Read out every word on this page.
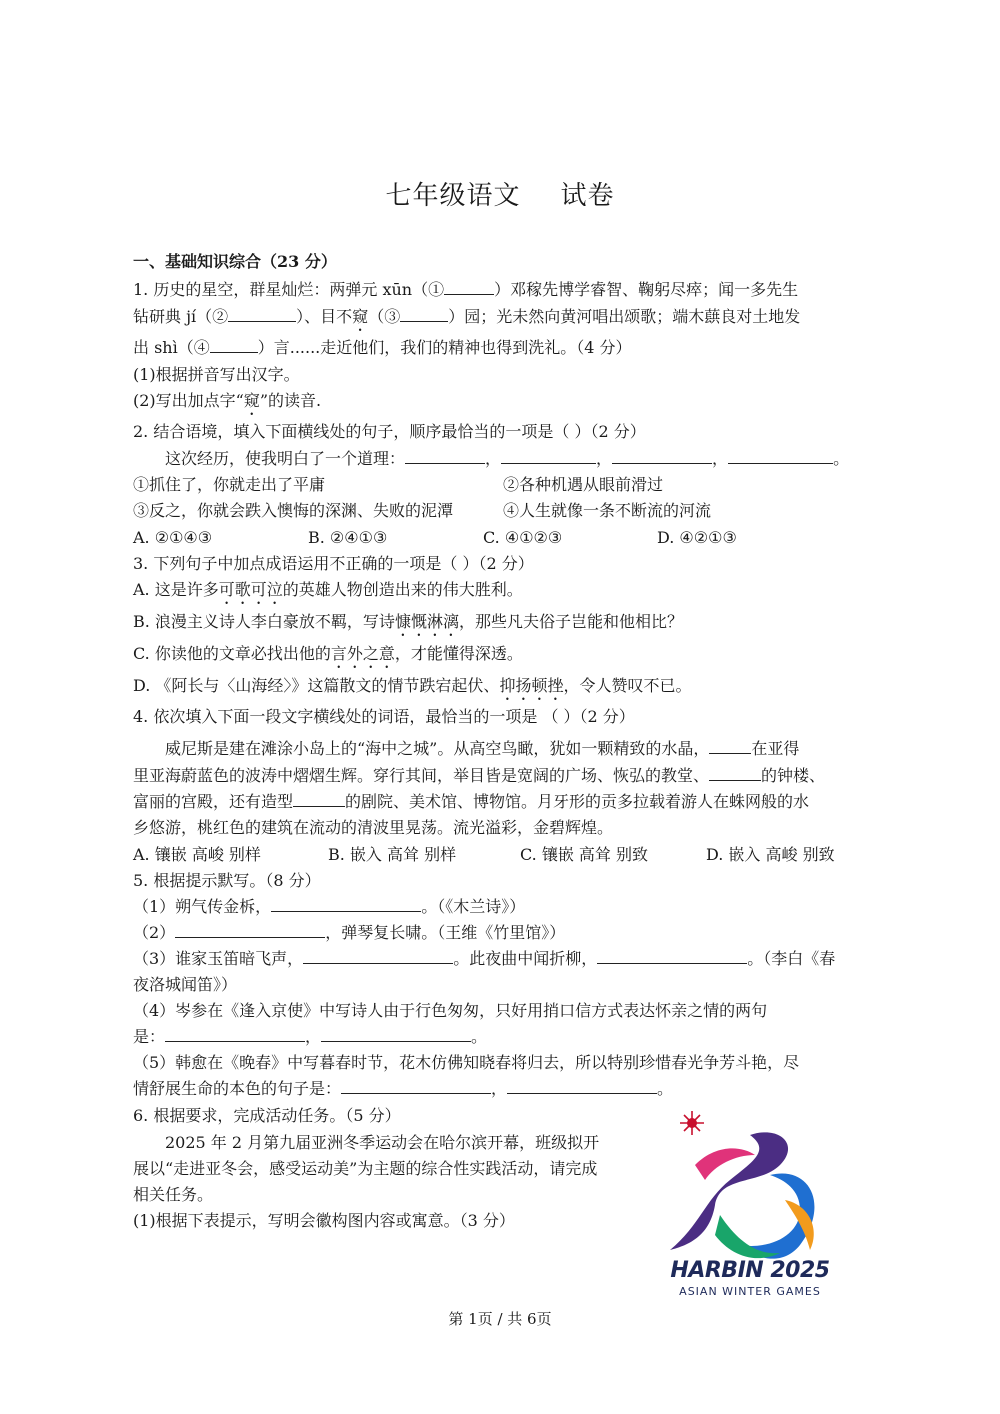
七年级语文 试卷
一、基础知识综合（23 分）
1. 历史的星空，群星灿烂：两弹元 xūn（①	）邓稼先博学睿智、鞠躬尽瘁；闻一多先生
钻研典 jí（②	）、目不窥（③	）园；光未然向黄河唱出颂歌；端木蕻良对土地发
出 shì（④	）言......走近他们，我们的精神也得到洗礼。（4 分）
(1)根据拼音写出汉字。
(2)写出加点字“窥”的读音.
2. 结合语境，填入下面横线处的句子，顺序最恰当的一项是（ ）（2 分）
这次经历，使我明白了一个道理：	，	，	，	。
①抓住了，你就走出了平庸	②各种机遇从眼前滑过
③反之，你就会跌入懊悔的深渊、失败的泥潭	④人生就像一条不断流的河流
A. ②①④③	B. ②④①③	C. ④①②③	D. ④②①③
3. 下列句子中加点成语运用不正确的一项是（ ）（2 分）
A. 这是许多可歌可泣的英雄人物创造出来的伟大胜利。
B. 浪漫主义诗人李白豪放不羁，写诗慷慨淋漓，那些凡夫俗子岂能和他相比？
C. 你读他的文章必找出他的言外之意，才能懂得深透。
D. 《阿长与〈山海经〉》这篇散文的情节跌宕起伏、抑扬顿挫，令人赞叹不已。
4. 依次填入下面一段文字横线处的词语，最恰当的一项是 （ ）（2 分）
威尼斯是建在滩涂小岛上的“海中之城”。从高空鸟瞰，犹如一颗精致的水晶，	在亚得
里亚海蔚蓝色的波涛中熠熠生辉。穿行其间，举目皆是宽阔的广场、恢弘的教堂、	的钟楼、
富丽的宫殿，还有造型	的剧院、美术馆、博物馆。月牙形的贡多拉载着游人在蛛网般的水
乡悠游，桃红色的建筑在流动的清波里晃荡。流光溢彩，金碧辉煌。
A. 镶嵌 高峻 别样	B. 嵌入 高耸 别样	C. 镶嵌 高耸 别致	D. 嵌入 高峻 别致
5. 根据提示默写。（8 分）
（1）朔气传金柝，	。（《木兰诗》）
（2）	，弹琴复长啸。（王维《竹里馆》）
（3）谁家玉笛暗飞声，	。此夜曲中闻折柳，	。（李白《春
夜洛城闻笛》）
（4）岑参在《逢入京使》中写诗人由于行色匆匆，只好用捎口信方式表达怀亲之情的两句
是：	，	。
（5）韩愈在《晚春》中写暮春时节，花木仿佛知晓春将归去，所以特别珍惜春光争芳斗艳，尽
情舒展生命的本色的句子是：	，	。
6. 根据要求，完成活动任务。（5 分）
2025 年 2 月第九届亚洲冬季运动会在哈尔滨开幕，班级拟开
展以“走进亚冬会，感受运动美”为主题的综合性实践活动，请完成
相关任务。
(1)根据下表提示，写明会徽构图内容或寓意。（3 分）
HARBIN 2025
ASIAN WINTER GAMES
第 1页 / 共 6页
